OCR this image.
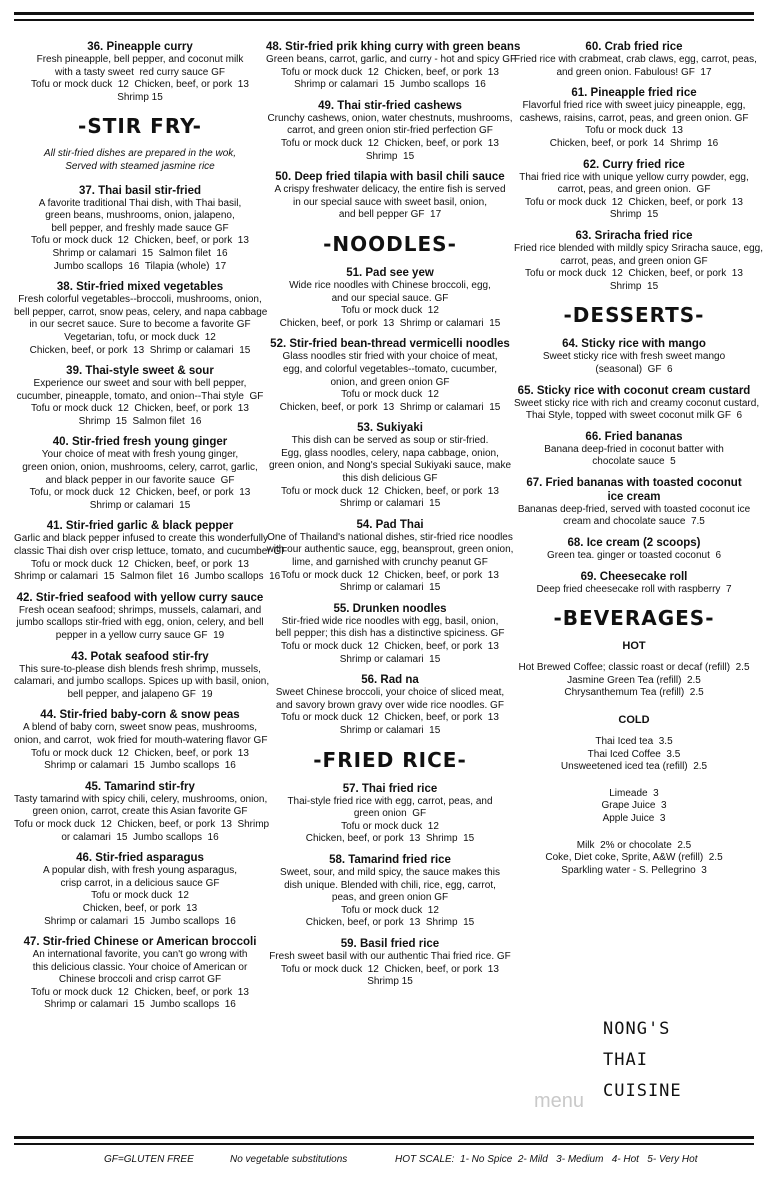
36. Pineapple curry
Fresh pineapple, bell pepper, and coconut milk
with a tasty sweet  red curry sauce GF
Tofu or mock duck  12  Chicken, beef, or pork  13
Shrimp 15
-STIR FRY-
All stir-fried dishes are prepared in the wok,
Served with steamed jasmine rice
37. Thai basil stir-fried
A favorite traditional Thai dish, with Thai basil,
green beans, mushrooms, onion, jalapeno,
bell pepper, and freshly made sauce GF
Tofu or mock duck  12  Chicken, beef, or pork  13
Shrimp or calamari  15  Salmon filet  16
Jumbo scallops  16  Tilapia (whole)  17
38. Stir-fried mixed vegetables
Fresh colorful vegetables--broccoli, mushrooms, onion,
bell pepper, carrot, snow peas, celery, and napa cabbage
in our secret sauce. Sure to become a favorite GF
Vegetarian, tofu, or mock duck  12
Chicken, beef, or pork  13  Shrimp or calamari  15
39. Thai-style sweet & sour
Experience our sweet and sour with bell pepper,
cucumber, pineapple, tomato, and onion--Thai style  GF
Tofu or mock duck  12  Chicken, beef, or pork  13
Shrimp  15  Salmon filet  16
40. Stir-fried fresh young ginger
Your choice of meat with fresh young ginger,
green onion, onion, mushrooms, celery, carrot, garlic,
and black pepper in our favorite sauce  GF
Tofu, or mock duck  12  Chicken, beef, or pork  13
Shrimp or calamari  15
41. Stir-fried garlic & black pepper
Garlic and black pepper infused to create this wonderfully
classic Thai dish over crisp lettuce, tomato, and cucumber GF
Tofu or mock duck  12  Chicken, beef, or pork  13
Shrimp or calamari  15  Salmon filet  16  Jumbo scallops  16
42. Stir-fried seafood with yellow curry sauce
Fresh ocean seafood; shrimps, mussels, calamari, and
jumbo scallops stir-fried with egg, onion, celery, and bell
pepper in a yellow curry sauce GF  19
43. Potak seafood stir-fry
This sure-to-please dish blends fresh shrimp, mussels,
calamari, and jumbo scallops. Spices up with basil, onion,
bell pepper, and jalapeno GF  19
44. Stir-fried baby-corn & snow peas
A blend of baby corn, sweet snow peas, mushrooms,
onion, and carrot,  wok fried for mouth-watering flavor GF
Tofu or mock duck  12  Chicken, beef, or pork  13
Shrimp or calamari  15  Jumbo scallops  16
45. Tamarind stir-fry
Tasty tamarind with spicy chili, celery, mushrooms, onion,
green onion, carrot, create this Asian favorite GF
Tofu or mock duck  12  Chicken, beef, or pork  13  Shrimp
or calamari  15  Jumbo scallops  16
46. Stir-fried asparagus
A popular dish, with fresh young asparagus,
crisp carrot, in a delicious sauce GF
Tofu or mock duck  12
Chicken, beef, or pork  13
Shrimp or calamari  15  Jumbo scallops  16
47. Stir-fried Chinese or American broccoli
An international favorite, you can't go wrong with
this delicious classic. Your choice of American or
Chinese broccoli and crisp carrot GF
Tofu or mock duck  12  Chicken, beef, or pork  13
Shrimp or calamari  15  Jumbo scallops  16
48. Stir-fried prik khing curry with green beans
Green beans, carrot, garlic, and curry - hot and spicy GF
Tofu or mock duck  12  Chicken, beef, or pork  13
Shrimp or calamari  15  Jumbo scallops  16
49. Thai stir-fried cashews
Crunchy cashews, onion, water chestnuts, mushrooms,
carrot, and green onion stir-fried perfection GF
Tofu or mock duck  12  Chicken, beef, or pork  13
Shrimp  15
50. Deep fried tilapia with basil chili sauce
A crispy freshwater delicacy, the entire fish is served
in our special sauce with sweet basil, onion,
and bell pepper GF  17
-NOODLES-
51. Pad see yew
Wide rice noodles with Chinese broccoli, egg,
and our special sauce. GF
Tofu or mock duck  12
Chicken, beef, or pork  13  Shrimp or calamari  15
52. Stir-fried bean-thread vermicelli noodles
Glass noodles stir fried with your choice of meat,
egg, and colorful vegetables--tomato, cucumber,
onion, and green onion GF
Tofu or mock duck  12
Chicken, beef, or pork  13  Shrimp or calamari  15
53. Sukiyaki
This dish can be served as soup or stir-fried.
Egg, glass noodles, celery, napa cabbage, onion,
green onion, and Nong's special Sukiyaki sauce, make
this dish delicious GF
Tofu or mock duck  12  Chicken, beef, or pork  13
Shrimp or calamari  15
54. Pad Thai
One of Thailand's national dishes, stir-fried rice noodles
with our authentic sauce, egg, beansprout, green onion,
lime, and garnished with crunchy peanut GF
Tofu or mock duck  12  Chicken, beef, or pork  13
Shrimp or calamari  15
55. Drunken noodles
Stir-fried wide rice noodles with egg, basil, onion,
bell pepper; this dish has a distinctive spiciness. GF
Tofu or mock duck  12  Chicken, beef, or pork  13
Shrimp or calamari  15
56. Rad na
Sweet Chinese broccoli, your choice of sliced meat,
and savory brown gravy over wide rice noodles. GF
Tofu or mock duck  12  Chicken, beef, or pork  13
Shrimp or calamari  15
-FRIED RICE-
57. Thai fried rice
Thai-style fried rice with egg, carrot, peas, and
green onion  GF
Tofu or mock duck  12
Chicken, beef, or pork  13  Shrimp  15
58. Tamarind fried rice
Sweet, sour, and mild spicy, the sauce makes this
dish unique. Blended with chili, rice, egg, carrot,
peas, and green onion GF
Tofu or mock duck  12
Chicken, beef, or pork  13  Shrimp  15
59. Basil fried rice
Fresh sweet basil with our authentic Thai fried rice. GF
Tofu or mock duck  12  Chicken, beef, or pork  13
Shrimp 15
60. Crab fried rice
Fried rice with crabmeat, crab claws, egg, carrot, peas,
and green onion. Fabulous! GF  17
61. Pineapple fried rice
Flavorful fried rice with sweet juicy pineapple, egg,
cashews, raisins, carrot, peas, and green onion. GF
Tofu or mock duck  13
Chicken, beef, or pork  14  Shrimp  16
62. Curry fried rice
Thai fried rice with unique yellow curry powder, egg,
carrot, peas, and green onion.  GF
Tofu or mock duck  12  Chicken, beef, or pork  13
Shrimp  15
63. Sriracha fried rice
Fried rice blended with mildly spicy Sriracha sauce, egg,
carrot, peas, and green onion GF
Tofu or mock duck  12  Chicken, beef, or pork  13
Shrimp  15
-DESSERTS-
64. Sticky rice with mango
Sweet sticky rice with fresh sweet mango
(seasonal)  GF  6
65. Sticky rice with coconut cream custard
Sweet sticky rice with rich and creamy coconut custard,
Thai Style, topped with sweet coconut milk GF  6
66. Fried bananas
Banana deep-fried in coconut batter with
chocolate sauce  5
67. Fried bananas with toasted coconut
ice cream
Bananas deep-fried, served with toasted coconut ice
cream and chocolate sauce  7.5
68. Ice cream (2 scoops)
Green tea. ginger or toasted coconut  6
69. Cheesecake roll
Deep fried cheesecake roll with raspberry  7
-BEVERAGES-
HOT
Hot Brewed Coffee; classic roast or decaf (refill)  2.5
Jasmine Green Tea (refill)  2.5
Chrysanthemum Tea (refill)  2.5
COLD
Thai Iced tea  3.5
Thai Iced Coffee  3.5
Unsweetened iced tea (refill)  2.5
Limeade  3
Grape Juice  3
Apple Juice  3
Milk  2% or chocolate  2.5
Coke, Diet coke, Sprite, A&W (refill)  2.5
Sparkling water - S. Pellegrino  3
NONG'S
THAI
CUISINE
menu
GF=GLUTEN FREE	No vegetable substitutions	HOT SCALE:  1- No Spice  2- Mild   3- Medium   4- Hot   5- Very Hot
